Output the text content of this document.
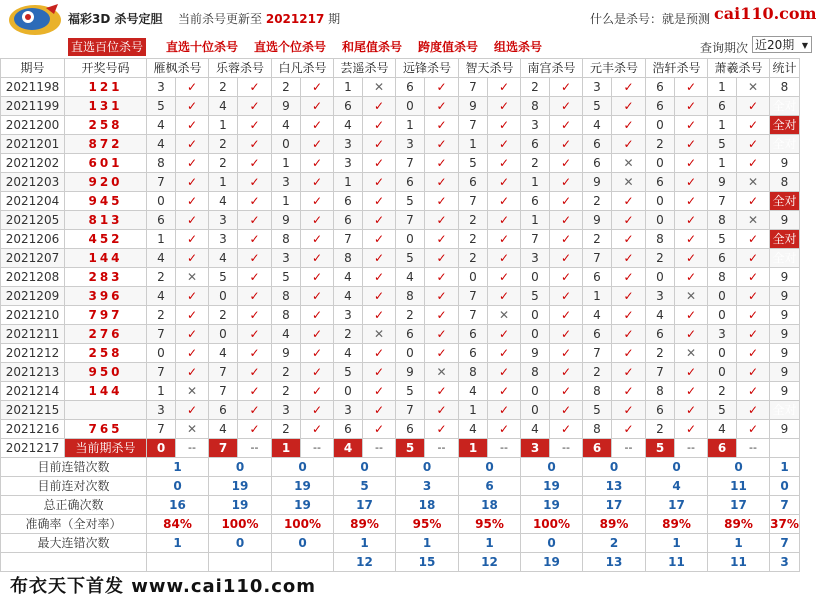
福彩3D 杀号定胆 当前杀号更新至 2021217 期	什么是杀号：就是预测 cai110.com
直选百位杀号 直选十位杀号 直选个位杀号 和尾值杀号 跨度值杀号 组选杀号	查询期次 近20期 ▼
期号	开奖号码	雁枫杀号		乐蓉杀号		白凡杀号		芸遥杀号		远锋杀号		智天杀号		南宫杀号		元丰杀号		浩轩杀号		萧羲杀号		统计
2021198	121	3	✓	2	✓	2	✓	1	✕	6	✓	7	✓	2	✓	3	✓	6	✓	1	✕	8
2021199	131	5	✓	4	✓	9	✓	6	✓	0	✓	9	✓	8	✓	5	✓	6	✓	6	✓	全对
2021200	258	4	✓	1	✓	4	✓	4	✓	1	✓	7	✓	3	✓	4	✓	0	✓	1	✓	全对
2021201	872	4	✓	2	✓	0	✓	3	✓	3	✓	1	✓	6	✓	6	✓	2	✓	5	✓	全对
2021202	601	8	✓	2	✓	1	✓	3	✓	7	✓	5	✓	2	✓	6	✕	0	✓	1	✓	9
2021203	920	7	✓	1	✓	3	✓	1	✓	6	✓	6	✓	1	✓	9	✕	6	✓	9	✕	8
2021204	945	0	✓	4	✓	1	✓	6	✓	5	✓	7	✓	6	✓	2	✓	0	✓	7	✓	全对
2021205	813	6	✓	3	✓	9	✓	6	✓	7	✓	2	✓	1	✓	9	✓	0	✓	8	✕	9
2021206	452	1	✓	3	✓	8	✓	7	✓	0	✓	2	✓	7	✓	2	✓	8	✓	5	✓	全对
2021207	144	4	✓	4	✓	3	✓	8	✓	5	✓	2	✓	3	✓	7	✓	2	✓	6	✓	全对
2021208	283	2	✕	5	✓	5	✓	4	✓	4	✓	0	✓	0	✓	6	✓	0	✓	8	✓	9
2021209	396	4	✓	0	✓	8	✓	4	✓	8	✓	7	✓	5	✓	1	✓	3	✕	0	✓	9
2021210	797	2	✓	2	✓	8	✓	3	✓	2	✓	7	✕	0	✓	4	✓	4	✓	0	✓	9
2021211	276	7	✓	0	✓	4	✓	2	✕	6	✓	6	✓	0	✓	6	✓	6	✓	3	✓	9
2021212	258	0	✓	4	✓	9	✓	4	✓	0	✓	6	✓	9	✓	7	✓	2	✕	0	✓	9
2021213	950	7	✓	7	✓	2	✓	5	✓	9	✕	8	✓	8	✓	2	✓	7	✓	0	✓	9
2021214	144	1	✕	7	✓	2	✓	0	✓	5	✓	4	✓	0	✓	8	✓	8	✓	2	✓	9
2021215		3	✓	6	✓	3	✓	3	✓	7	✓	1	✓	0	✓	5	✓	6	✓	5	✓	全对
2021216	765	7	✕	4	✓	2	✓	6	✓	6	✓	4	✓	4	✓	8	✓	2	✓	4	✓	9
2021217	当前期杀号	0	--	7	--	1	--	4	--	5	--	1	--	3	--	6	--	5	--	6	--	
目前连错次数		1		0		0		0		0		0		0		0		0		0		1
目前连对次数		0		19		19		5		3		6		19		13		4		11		0
总正确次数		16		19		19		17		18		18		19		17		17		17		7
准确率（全对率）		84%		100%		100%		89%		95%		95%		100%		89%		89%		89%		37%
最大连错次数		1		0		0		1		1		1		0		2		1		1		7
								12		15		12		19		13		11		11		3
布衣天下首发 www.cai110.com
